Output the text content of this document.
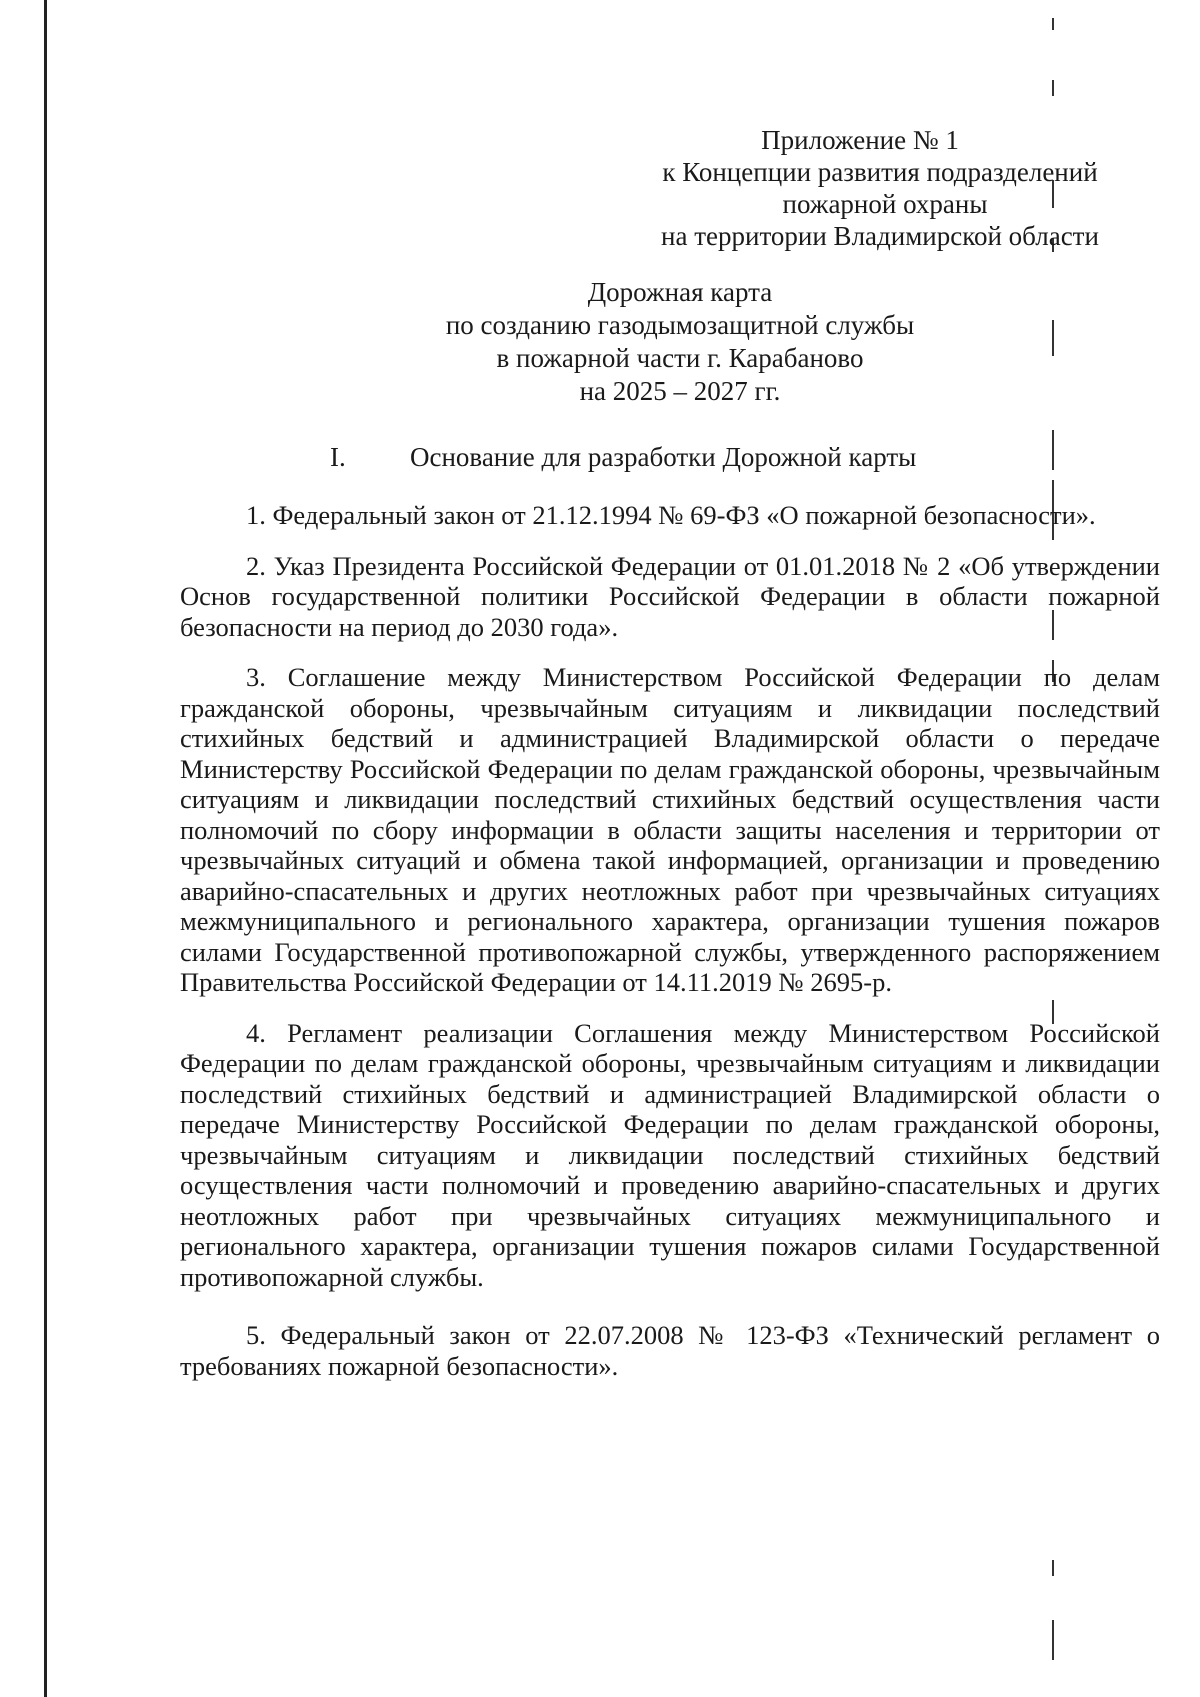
Приложение № 1
к Концепции развития подразделений
пожарной охраны
на территории Владимирской области
Дорожная карта
по созданию газодымозащитной службы
в пожарной части г. Карабаново
на 2025 – 2027 гг.
I. Основание для разработки Дорожной карты

1. Федеральный закон от 21.12.1994 № 69-ФЗ «О пожарной безопасности».

2. Указ Президента Российской Федерации от 01.01.2018 № 2 «Об утверждении Основ государственной политики Российской Федерации в области пожарной безопасности на период до 2030 года».

3. Соглашение между Министерством Российской Федерации по делам гражданской обороны, чрезвычайным ситуациям и ликвидации последствий стихийных бедствий и администрацией Владимирской области о передаче Министерству Российской Федерации по делам гражданской обороны, чрезвычайным ситуациям и ликвидации последствий стихийных бедствий осуществления части полномочий по сбору информации в области защиты населения и территории от чрезвычайных ситуаций и обмена такой информацией, организации и проведению аварийно-спасательных и других неотложных работ при чрезвычайных ситуациях межмуниципального и регионального характера, организации тушения пожаров силами Государственной противопожарной службы, утвержденного распоряжением Правительства Российской Федерации от 14.11.2019 № 2695-р.

4. Регламент реализации Соглашения между Министерством Российской Федерации по делам гражданской обороны, чрезвычайным ситуациям и ликвидации последствий стихийных бедствий и администрацией Владимирской области о передаче Министерству Российской Федерации по делам гражданской обороны, чрезвычайным ситуациям и ликвидации последствий стихийных бедствий осуществления части полномочий и проведению аварийно-спасательных и других неотложных работ при чрезвычайных ситуациях межмуниципального и регионального характера, организации тушения пожаров силами Государственной противопожарной службы.

5. Федеральный закон от 22.07.2008 № 123-ФЗ «Технический регламент о требованиях пожарной безопасности».
